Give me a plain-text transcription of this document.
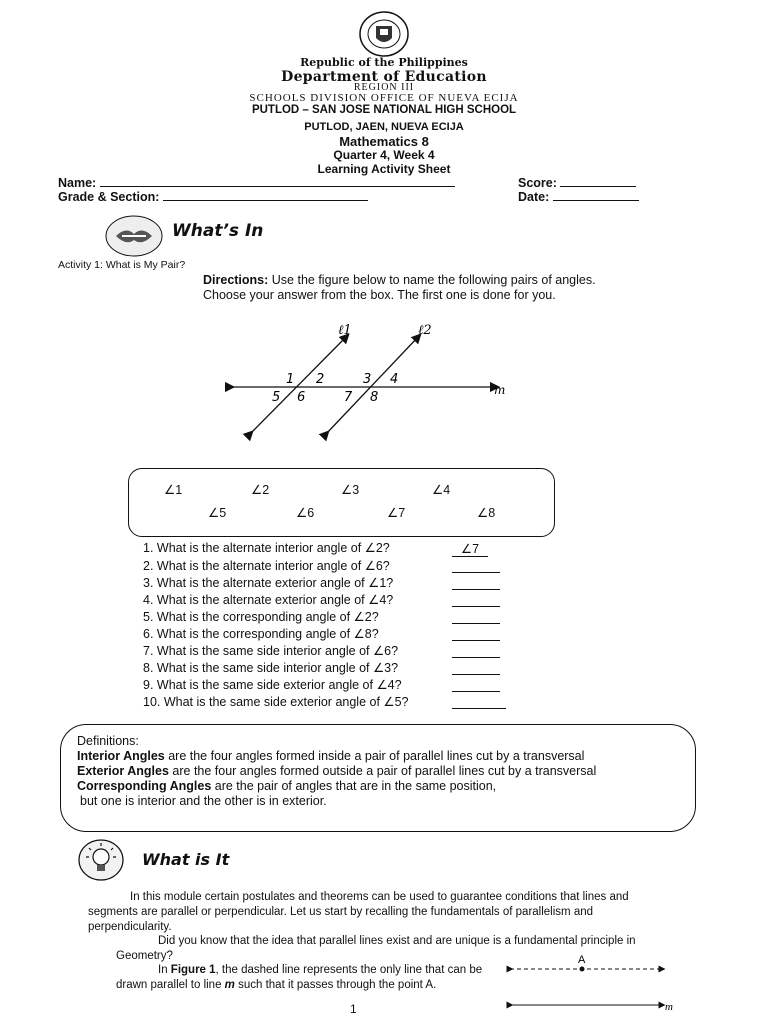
Republic of the Philippines
Department of Education
REGION III
SCHOOLS DIVISION OFFICE OF NUEVA ECIJA
PUTLOD – SAN JOSE NATIONAL HIGH SCHOOL
PUTLOD, JAEN, NUEVA ECIJA
Mathematics 8
Quarter 4, Week 4
Learning Activity Sheet
Name:	Score:
Grade & Section:	Date:
What’s In
Activity 1: What is My Pair?
Directions: Use the figure below to name the following pairs of angles.
Choose your answer from the box. The first one is done for you.
ℓ1	ℓ2
m
1 2	3 4
5 6	7 8
∠1	∠2	∠3	∠4
∠5	∠6	∠7	∠8
1. What is the alternate interior angle of ∠2?	∠7
2. What is the alternate interior angle of ∠6?
3. What is the alternate exterior angle of ∠1?
4. What is the alternate exterior angle of ∠4?
5. What is the corresponding angle of ∠2?
6. What is the corresponding angle of ∠8?
7. What is the same side interior angle of ∠6?
8. What is the same side interior angle of ∠3?
9. What is the same side exterior angle of ∠4?
10. What is the same side exterior angle of ∠5?
Definitions:
Interior Angles are the four angles formed inside a pair of parallel lines cut by a transversal
Exterior Angles are the four angles formed outside a pair of parallel lines cut by a transversal
Corresponding Angles are the pair of angles that are in the same position,
but one is interior and the other is in exterior.
What is It
In this module certain postulates and theorems can be used to guarantee conditions that lines and segments are parallel or perpendicular. Let us start by recalling the fundamentals of parallelism and perpendicularity.
Did you know that the idea that parallel lines exist and are unique is a fundamental principle in Geometry?
In Figure 1, the dashed line represents the only line that can be drawn parallel to line m such that it passes through the point A.
A
m
1
